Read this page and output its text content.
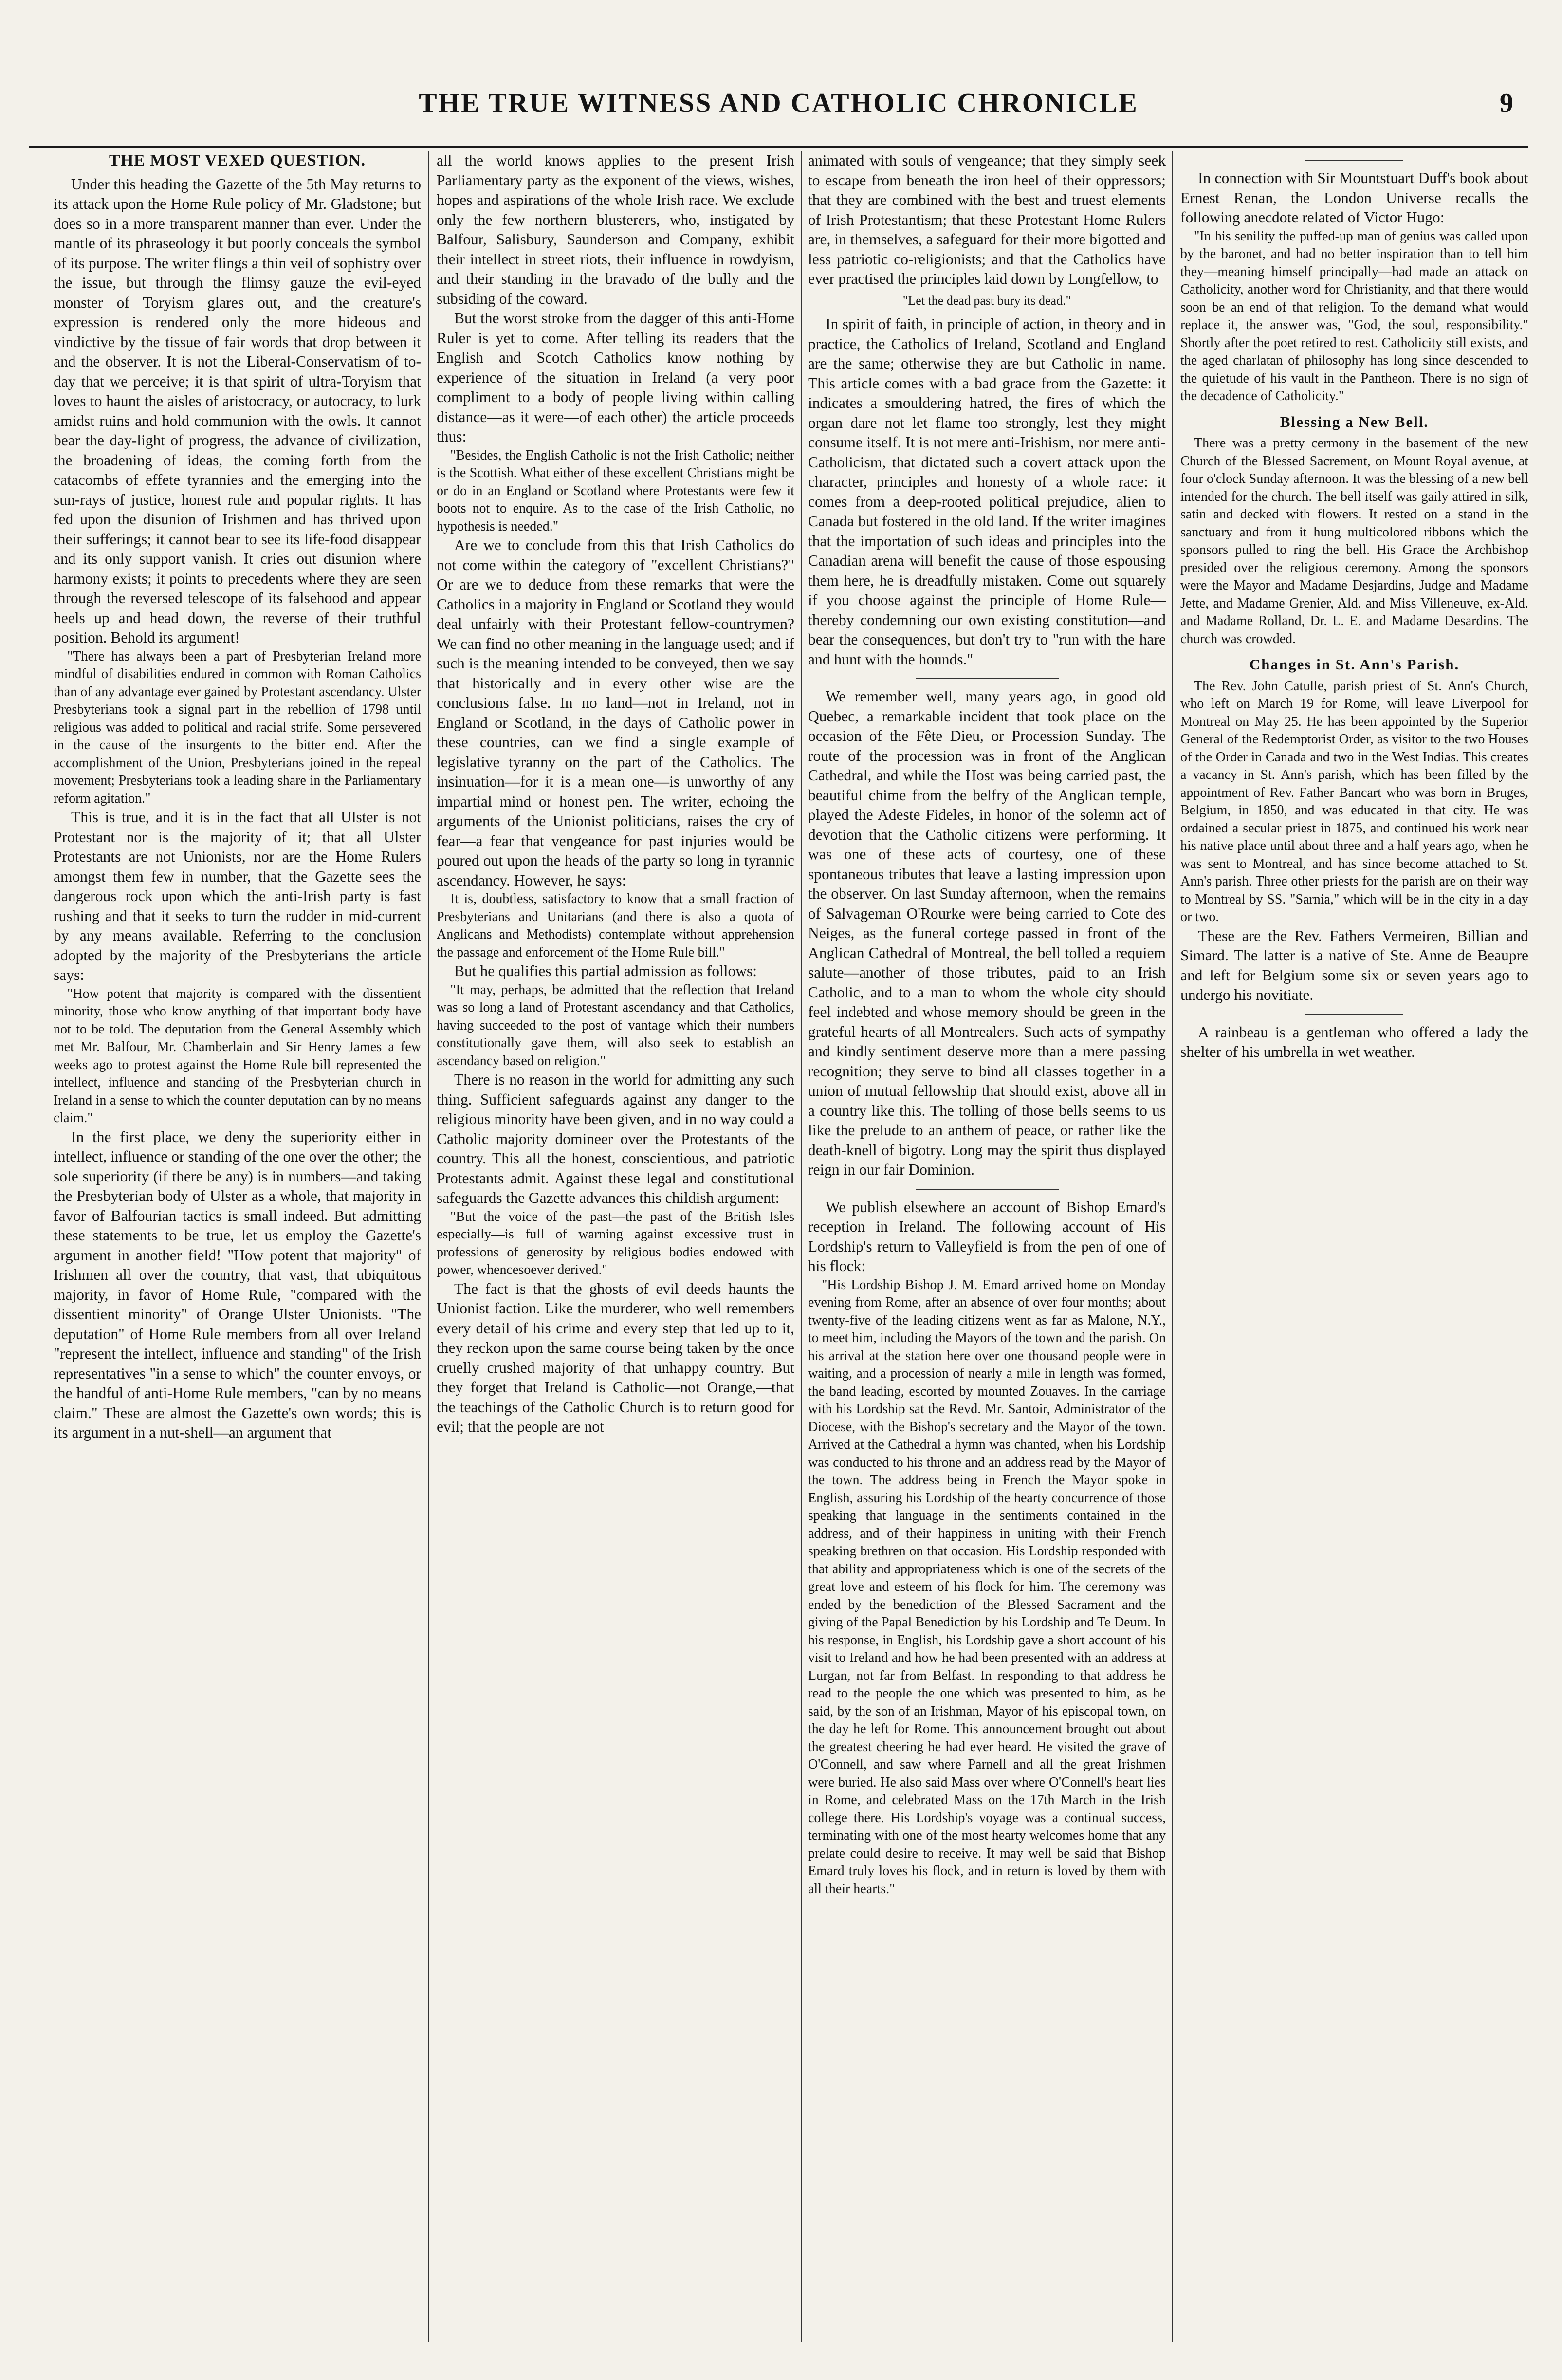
THE TRUE WITNESS AND CATHOLIC CHRONICLE	9
THE MOST VEXED QUESTION.

Under this heading the Gazette of the 5th May returns to its attack upon the Home Rule policy of Mr. Gladstone; but does so in a more transparent manner than ever. Under the mantle of its phraseology it but poorly conceals the symbol of its purpose. The writer flings a thin veil of sophistry over the issue, but through the flimsy gauze the evil-eyed monster of Toryism glares out, and the creature's expression is rendered only the more hideous and vindictive by the tissue of fair words that drop between it and the observer. It is not the Liberal-Conservatism of to-day that we perceive; it is that spirit of ultra-Toryism that loves to haunt the aisles of aristocracy, or autocracy, to lurk amidst ruins and hold communion with the owls. It cannot bear the day-light of progress, the advance of civilization, the broadening of ideas, the coming forth from the catacombs of effete tyrannies and the emerging into the sun-rays of justice, honest rule and popular rights. It has fed upon the disunion of Irishmen and has thrived upon their sufferings; it cannot bear to see its life-food disappear and its only support vanish. It cries out disunion where harmony exists; it points to precedents where they are seen through the reversed telescope of its falsehood and appear heels up and head down, the reverse of their truthful position. Behold its argument!

"There has always been a part of Presbyterian Ireland more mindful of disabilities endured in common with Roman Catholics than of any advantage ever gained by Protestant ascendancy. Ulster Presbyterians took a signal part in the rebellion of 1798 until religious was added to political and racial strife. Some persevered in the cause of the insurgents to the bitter end. After the accomplishment of the Union, Presbyterians joined in the repeal movement; Presbyterians took a leading share in the Parliamentary reform agitation."

This is true, and it is in the fact that all Ulster is not Protestant nor is the majority of it; that all Ulster Protestants are not Unionists, nor are the Home Rulers amongst them few in number, that the Gazette sees the dangerous rock upon which the anti-Irish party is fast rushing and that it seeks to turn the rudder in mid-current by any means available. Referring to the conclusion adopted by the majority of the Presbyterians the article says:

"How potent that majority is compared with the dissentient minority, those who know anything of that important body have not to be told. The deputation from the General Assembly which met Mr. Balfour, Mr. Chamberlain and Sir Henry James a few weeks ago to protest against the Home Rule bill represented the intellect, influence and standing of the Presbyterian church in Ireland in a sense to which the counter deputation can by no means claim."

In the first place, we deny the superiority either in intellect, influence or standing of the one over the other; the sole superiority (if there be any) is in numbers—and taking the Presbyterian body of Ulster as a whole, that majority in favor of Balfourian tactics is small indeed. But admitting these statements to be true, let us employ the Gazette's argument in another field! "How potent that majority" of Irishmen all over the country, that vast, that ubiquitous majority, in favor of Home Rule, "compared with the dissentient minority" of Orange Ulster Unionists. "The deputation" of Home Rule members from all over Ireland "represent the intellect, influence and standing" of the Irish representatives "in a sense to which" the counter envoys, or the handful of anti-Home Rule members, "can by no means claim." These are almost the Gazette's own words; this is its argument in a nut-shell—an argument that

all the world knows applies to the present Irish Parliamentary party as the exponent of the views, wishes, hopes and aspirations of the whole Irish race. We exclude only the few northern blusterers, who, instigated by Balfour, Salisbury, Saunderson and Company, exhibit their intellect in street riots, their influence in rowdyism, and their standing in the bravado of the bully and the subsiding of the coward.

But the worst stroke from the dagger of this anti-Home Ruler is yet to come. After telling its readers that the English and Scotch Catholics know nothing by experience of the situation in Ireland (a very poor compliment to a body of people living within calling distance—as it were—of each other) the article proceeds thus:

"Besides, the English Catholic is not the Irish Catholic; neither is the Scottish. What either of these excellent Christians might be or do in an England or Scotland where Protestants were few it boots not to enquire. As to the case of the Irish Catholic, no hypothesis is needed."

Are we to conclude from this that Irish Catholics do not come within the category of "excellent Christians?" Or are we to deduce from these remarks that were the Catholics in a majority in England or Scotland they would deal unfairly with their Protestant fellow-countrymen? We can find no other meaning in the language used; and if such is the meaning intended to be conveyed, then we say that historically and in every other wise are the conclusions false. In no land—not in Ireland, not in England or Scotland, in the days of Catholic power in these countries, can we find a single example of legislative tyranny on the part of the Catholics. The insinuation—for it is a mean one—is unworthy of any impartial mind or honest pen. The writer, echoing the arguments of the Unionist politicians, raises the cry of fear—a fear that vengeance for past injuries would be poured out upon the heads of the party so long in tyrannic ascendancy. However, he says:

It is, doubtless, satisfactory to know that a small fraction of Presbyterians and Unitarians (and there is also a quota of Anglicans and Methodists) contemplate without apprehension the passage and enforcement of the Home Rule bill."

But he qualifies this partial admission as follows:

"It may, perhaps, be admitted that the reflection that Ireland was so long a land of Protestant ascendancy and that Catholics, having succeeded to the post of vantage which their numbers constitutionally gave them, will also seek to establish an ascendancy based on religion."

There is no reason in the world for admitting any such thing. Sufficient safeguards against any danger to the religious minority have been given, and in no way could a Catholic majority domineer over the Protestants of the country. This all the honest, conscientious, and patriotic Protestants admit. Against these legal and constitutional safeguards the Gazette advances this childish argument:

"But the voice of the past—the past of the British Isles especially—is full of warning against excessive trust in professions of generosity by religious bodies endowed with power, whencesoever derived."

The fact is that the ghosts of evil deeds haunts the Unionist faction. Like the murderer, who well remembers every detail of his crime and every step that led up to it, they reckon upon the same course being taken by the once cruelly crushed majority of that unhappy country. But they forget that Ireland is Catholic—not Orange,—that the teachings of the Catholic Church is to return good for evil; that the people are not

animated with souls of vengeance; that they simply seek to escape from beneath the iron heel of their oppressors; that they are combined with the best and truest elements of Irish Protestantism; that these Protestant Home Rulers are, in themselves, a safeguard for their more bigotted and less patriotic co-religionists; and that the Catholics have ever practised the principles laid down by Longfellow, to

"Let the dead past bury its dead."

In spirit of faith, in principle of action, in theory and in practice, the Catholics of Ireland, Scotland and England are the same; otherwise they are but Catholic in name. This article comes with a bad grace from the Gazette: it indicates a smouldering hatred, the fires of which the organ dare not let flame too strongly, lest they might consume itself. It is not mere anti-Irishism, nor mere anti-Catholicism, that dictated such a covert attack upon the character, principles and honesty of a whole race: it comes from a deep-rooted political prejudice, alien to Canada but fostered in the old land. If the writer imagines that the importation of such ideas and principles into the Canadian arena will benefit the cause of those espousing them here, he is dreadfully mistaken. Come out squarely if you choose against the principle of Home Rule—thereby condemning our own existing constitution—and bear the consequences, but don't try to "run with the hare and hunt with the hounds."

We remember well, many years ago, in good old Quebec, a remarkable incident that took place on the occasion of the Fête Dieu, or Procession Sunday. The route of the procession was in front of the Anglican Cathedral, and while the Host was being carried past, the beautiful chime from the belfry of the Anglican temple, played the Adeste Fideles, in honor of the solemn act of devotion that the Catholic citizens were performing. It was one of these acts of courtesy, one of these spontaneous tributes that leave a lasting impression upon the observer. On last Sunday afternoon, when the remains of Salvageman O'Rourke were being carried to Cote des Neiges, as the funeral cortege passed in front of the Anglican Cathedral of Montreal, the bell tolled a requiem salute—another of those tributes, paid to an Irish Catholic, and to a man to whom the whole city should feel indebted and whose memory should be green in the grateful hearts of all Montrealers. Such acts of sympathy and kindly sentiment deserve more than a mere passing recognition; they serve to bind all classes together in a union of mutual fellowship that should exist, above all in a country like this. The tolling of those bells seems to us like the prelude to an anthem of peace, or rather like the death-knell of bigotry. Long may the spirit thus displayed reign in our fair Dominion.

We publish elsewhere an account of Bishop Emard's reception in Ireland. The following account of His Lordship's return to Valleyfield is from the pen of one of his flock:

"His Lordship Bishop J. M. Emard arrived home on Monday evening from Rome, after an absence of over four months; about twenty-five of the leading citizens went as far as Malone, N.Y., to meet him, including the Mayors of the town and the parish. On his arrival at the station here over one thousand people were in waiting, and a procession of nearly a mile in length was formed, the band leading, escorted by mounted Zouaves. In the carriage with his Lordship sat the Revd. Mr. Santoir, Administrator of the Diocese, with the Bishop's secretary and the Mayor of the town. Arrived at the Cathedral a hymn was chanted, when his Lordship was conducted to his throne and an address read by the Mayor of the town. The address being in French the Mayor spoke in English, assuring his Lordship of the hearty concurrence of those speaking that language in the sentiments contained in the address, and of their happiness in uniting with their French speaking brethren on that occasion. His Lordship responded with that ability and appropriateness which is one of the secrets of the great love and esteem of his flock for him. The ceremony was ended by the benediction of the Blessed Sacrament and the giving of the Papal Benediction by his Lordship and Te Deum. In his response, in English, his Lordship gave a short account of his visit to Ireland and how he had been presented with an address at Lurgan, not far from Belfast. In responding to that address he read to the people the one which was presented to him, as he said, by the son of an Irishman, Mayor of his episcopal town, on the day he left for Rome. This announcement brought out about the greatest cheering he had ever heard. He visited the grave of O'Connell, and saw where Parnell and all the great Irishmen were buried. He also said Mass over where O'Connell's heart lies in Rome, and celebrated Mass on the 17th March in the Irish college there. His Lordship's voyage was a continual success, terminating with one of the most hearty welcomes home that any prelate could desire to receive. It may well be said that Bishop Emard truly loves his flock, and in return is loved by them with all their hearts."

In connection with Sir Mountstuart Duff's book about Ernest Renan, the London Universe recalls the following anecdote related of Victor Hugo:

"In his senility the puffed-up man of genius was called upon by the baronet, and had no better inspiration than to tell him they—meaning himself principally—had made an attack on Catholicity, another word for Christianity, and that there would soon be an end of that religion. To the demand what would replace it, the answer was, "God, the soul, responsibility." Shortly after the poet retired to rest. Catholicity still exists, and the aged charlatan of philosophy has long since descended to the quietude of his vault in the Pantheon. There is no sign of the decadence of Catholicity."

Blessing a New Bell.

There was a pretty cermony in the basement of the new Church of the Blessed Sacrement, on Mount Royal avenue, at four o'clock Sunday afternoon. It was the blessing of a new bell intended for the church. The bell itself was gaily attired in silk, satin and decked with flowers. It rested on a stand in the sanctuary and from it hung multicolored ribbons which the sponsors pulled to ring the bell. His Grace the Archbishop presided over the religious ceremony. Among the sponsors were the Mayor and Madame Desjardins, Judge and Madame Jette, and Madame Grenier, Ald. and Miss Villeneuve, ex-Ald. and Madame Rolland, Dr. L. E. and Madame Desardins. The church was crowded.

Changes in St. Ann's Parish.

The Rev. John Catulle, parish priest of St. Ann's Church, who left on March 19 for Rome, will leave Liverpool for Montreal on May 25. He has been appointed by the Superior General of the Redemptorist Order, as visitor to the two Houses of the Order in Canada and two in the West Indias. This creates a vacancy in St. Ann's parish, which has been filled by the appointment of Rev. Father Bancart who was born in Bruges, Belgium, in 1850, and was educated in that city. He was ordained a secular priest in 1875, and continued his work near his native place until about three and a half years ago, when he was sent to Montreal, and has since become attached to St. Ann's parish. Three other priests for the parish are on their way to Montreal by SS. "Sarnia," which will be in the city in a day or two.

These are the Rev. Fathers Vermeiren, Billian and Simard. The latter is a native of Ste. Anne de Beaupre and left for Belgium some six or seven years ago to undergo his novitiate.

A rainbeau is a gentleman who offered a lady the shelter of his umbrella in wet weather.
